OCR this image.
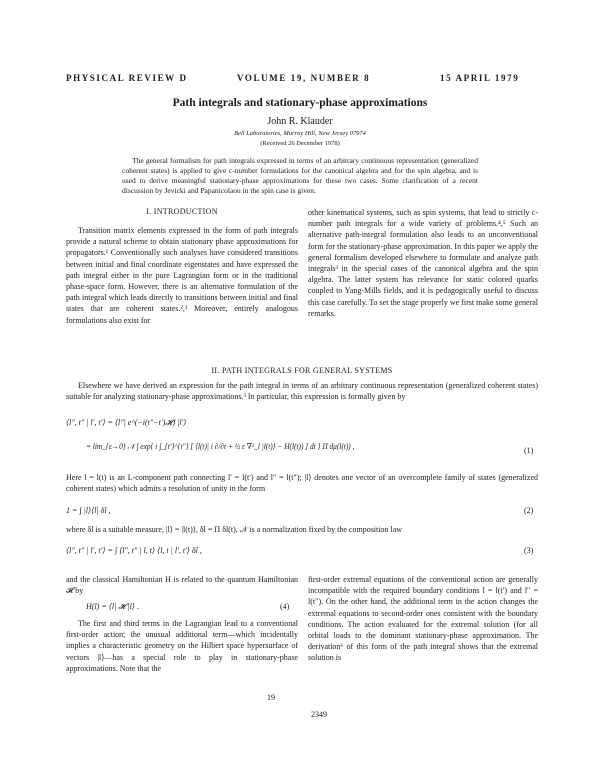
PHYSICAL REVIEW D	VOLUME 19, NUMBER 8	15 APRIL 1979
Path integrals and stationary-phase approximations
John R. Klauder
Bell Laboratories, Murray Hill, New Jersey 07974
(Received 26 December 1978)

The general formalism for path integrals expressed in terms of an arbitrary continuous representation (generalized coherent states) is applied to give c-number formulations for the canonical algebra and for the spin algebra, and is used to derive meaningful stationary-phase approximations for these two cases. Some clarification of a recent discussion by Jevicki and Papanicolaou in the spin case is given.

I. INTRODUCTION

Transition matrix elements expressed in the form of path integrals provide a natural scheme to obtain stationary phase approximations for propagators.¹ Conventionally such analyses have considered transitions between initial and final coordinate eigenstates and have expressed the path integral either in the pure Lagrangian form or in the traditional phase-space form. However, there is an alternative formulation of the path integral which leads directly to transitions between initial and final states that are coherent states.²,³ Moreover, entirely analogous formulations also exist for

other kinematical systems, such as spin systems, that lead to strictly c-number path integrals for a wide variety of problems.⁴,⁵ Such an alternative path-integral formulation also leads to an unconventional form for the stationary-phase approximation. In this paper we apply the general formalism developed elsewhere to formulate and analyze path integrals³ in the special cases of the canonical algebra and the spin algebra. The latter system has relevance for static colored quarks coupled to Yang-Mills fields, and it is pedagogically useful to discuss this case carefully. To set the stage properly we first make some general remarks.

II. PATH INTEGRALS FOR GENERAL SYSTEMS

Elsewhere we have derived an expression for the path integral in terms of an arbitrary continuous representation (generalized coherent states) suitable for analyzing stationary-phase approximations.³ In particular, this expression is formally given by

⟨l″, t″ | l′, t′⟩ = ⟨l″| e^(−i(t″−t′)𝓗) |l′⟩
= lim_{ε→0} 𝒩 ∫ exp{ i ∫_{t′}^{t″} [ ⟨l(t)| i ∂/∂t + ½ ε ∇²_l |l(t)⟩ − H(l(t)) ] dt } Π dμ(l(t)) ,	(1)

Here l = l(t) is an L-component path connecting l′ = l(t′) and l″ = l(t″); |l⟩ denotes one vector of an overcomplete family of states (generalized coherent states) which admits a resolution of unity in the form

1 = ∫ |l⟩⟨l| δl ,	(2)

where δl is a suitable measure, |l⟩ = |l(t)⟩, δl = Π δl(t), 𝒩 is a normalization fixed by the composition law

⟨l″, t″ | l′, t′⟩ = ∫ ⟨l″, t″ | l, t⟩ ⟨l, t | l′, t′⟩ δl ,	(3)

and the classical Hamiltonian H is related to the quantum Hamiltonian 𝓗 by

H(l) = ⟨l| 𝓗 |l⟩ .	(4)

The first and third terms in the Lagrangian lead to a conventional first-order action; the unusual additional term—which incidentally implies a characteristic geometry on the Hilbert space hypersurface of vectors |l⟩—has a special role to play in stationary-phase approximations. Note that the

first-order extremal equations of the conventional action are generally incompatible with the required boundary conditions l = l(t′) and l″ = l(t″). On the other hand, the additional term in the action changes the extremal equations to second-order ones consistent with the boundary conditions. The action evaluated for the extremal solution (for all orbital loads to the dominant stationary-phase approximation. The derivation⁶ of this form of the path integral shows that the extremal solution is

19
2349
